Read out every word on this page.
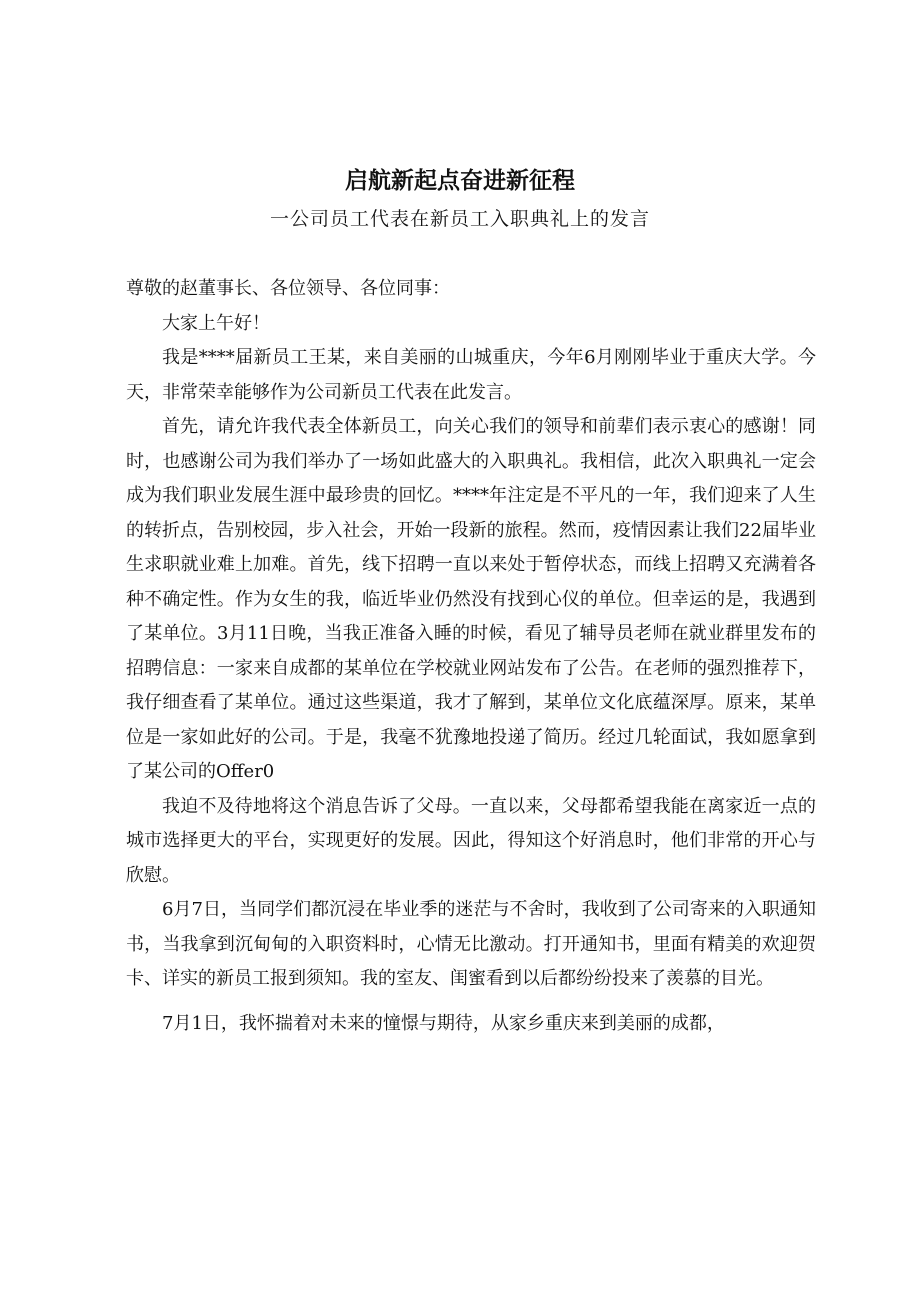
启航新起点奋进新征程
一公司员工代表在新员工入职典礼上的发言

尊敬的赵董事长、各位领导、各位同事：

大家上午好！

我是****届新员工王某，来自美丽的山城重庆，今年6月刚刚毕业于重庆大学。今天，非常荣幸能够作为公司新员工代表在此发言。

首先，请允许我代表全体新员工，向关心我们的领导和前辈们表示衷心的感谢！同时，也感谢公司为我们举办了一场如此盛大的入职典礼。我相信，此次入职典礼一定会成为我们职业发展生涯中最珍贵的回忆。****年注定是不平凡的一年，我们迎来了人生的转折点，告别校园，步入社会，开始一段新的旅程。然而，疫情因素让我们22届毕业生求职就业难上加难。首先，线下招聘一直以来处于暂停状态，而线上招聘又充满着各种不确定性。作为女生的我，临近毕业仍然没有找到心仪的单位。但幸运的是，我遇到了某单位。3月11日晚，当我正准备入睡的时候，看见了辅导员老师在就业群里发布的招聘信息：一家来自成都的某单位在学校就业网站发布了公告。在老师的强烈推荐下，我仔细查看了某单位。通过这些渠道，我才了解到，某单位文化底蕴深厚。原来，某单位是一家如此好的公司。于是，我毫不犹豫地投递了简历。经过几轮面试，我如愿拿到了某公司的Offer0

我迫不及待地将这个消息告诉了父母。一直以来，父母都希望我能在离家近一点的城市选择更大的平台，实现更好的发展。因此，得知这个好消息时，他们非常的开心与欣慰。

6月7日，当同学们都沉浸在毕业季的迷茫与不舍时，我收到了公司寄来的入职通知书，当我拿到沉甸甸的入职资料时，心情无比激动。打开通知书，里面有精美的欢迎贺卡、详实的新员工报到须知。我的室友、闺蜜看到以后都纷纷投来了羡慕的目光。

7月1日，我怀揣着对未来的憧憬与期待，从家乡重庆来到美丽的成都，
